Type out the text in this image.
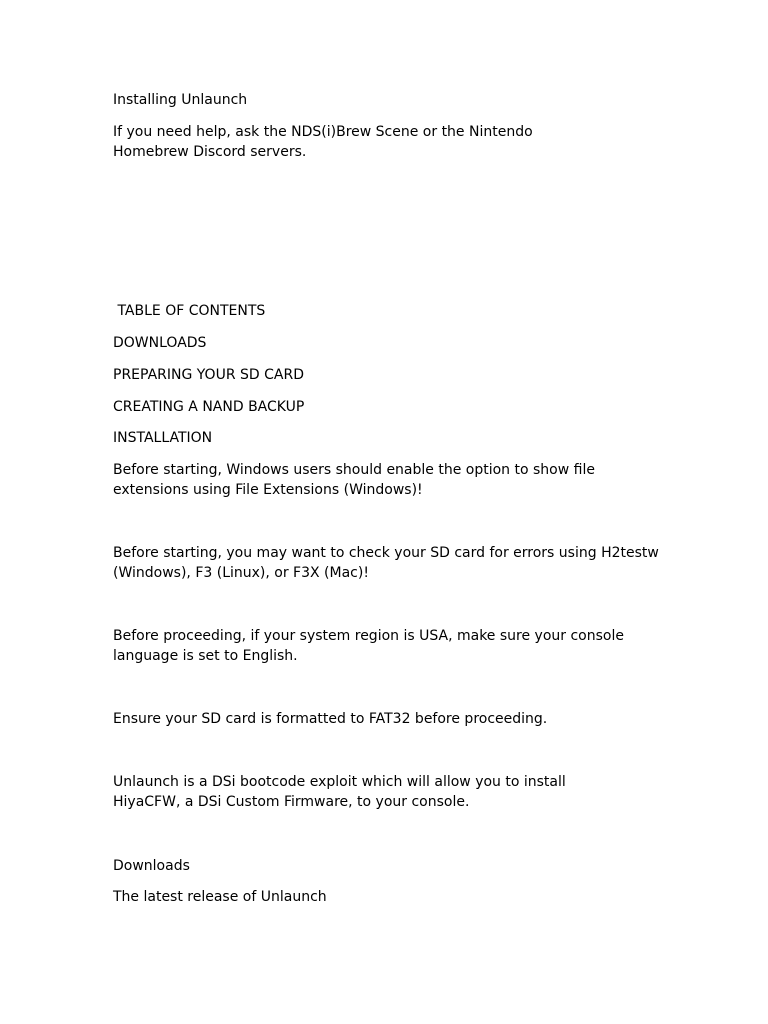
Installing Unlaunch

If you need help, ask the NDS(i)Brew Scene or the Nintendo Homebrew Discord servers.

TABLE OF CONTENTS

DOWNLOADS

PREPARING YOUR SD CARD

CREATING A NAND BACKUP

INSTALLATION

Before starting, Windows users should enable the option to show file extensions using File Extensions (Windows)!

Before starting, you may want to check your SD card for errors using H2testw (Windows), F3 (Linux), or F3X (Mac)!

Before proceeding, if your system region is USA, make sure your console language is set to English.

Ensure your SD card is formatted to FAT32 before proceeding.

Unlaunch is a DSi bootcode exploit which will allow you to install HiyaCFW, a DSi Custom Firmware, to your console.

Downloads

The latest release of Unlaunch
